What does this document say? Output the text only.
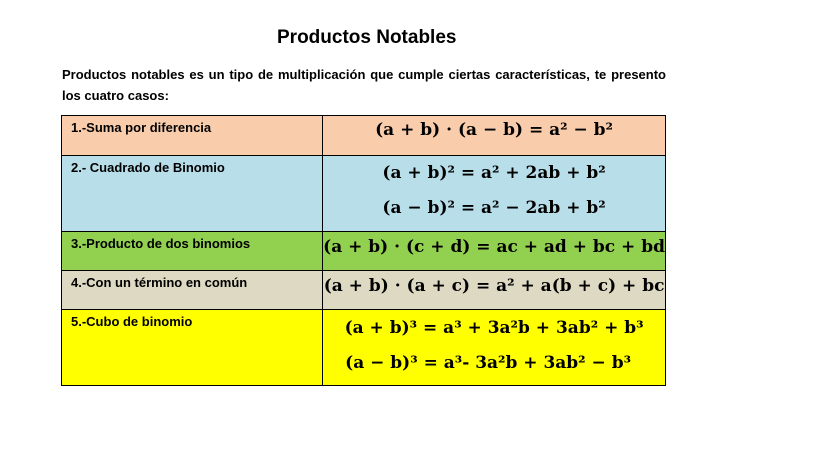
Productos Notables
Productos notables es un tipo de multiplicación que cumple ciertas características, te presento los cuatro casos:
1.-Suma por diferencia	(a + b) · (a − b) = a² − b²

2.- Cuadrado de Binomio	(a + b)² = a² + 2ab + b²
(a − b)² = a² − 2ab + b²

3.-Producto de dos binomios	(a + b) · (c + d) = ac + ad + bc + bd

4.-Con un término en común	(a + b) · (a + c) = a² + a(b + c) + bc

5.-Cubo de binomio	(a + b)³ = a³ + 3a²b + 3ab² + b³
(a − b)³ = a³- 3a²b + 3ab² − b³
